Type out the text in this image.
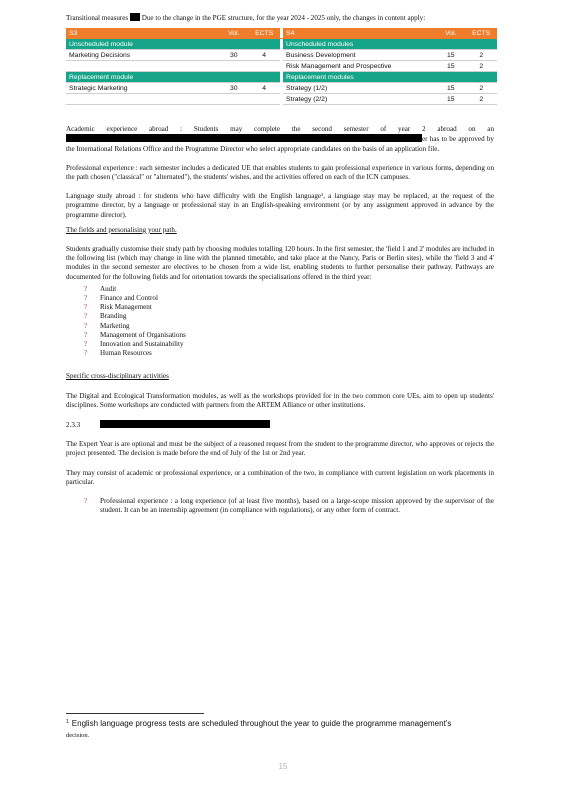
Transitional measures Due to the change in the PGE structure, for the year 2024 - 2025 only, the changes in content apply:

S3	Vol.	ECTS		S4	Vol.	ECTS
Unscheduled module				Unscheduled modules		
Marketing Decisions	30	4		Business Development	15	2
				Risk Management and Prospective	15	2
Replacement module				Replacement modules		
Strategic Marketing	30	4		Strategy (1/2)	15	2
				Strategy (2/2)	15	2

Academic experience abroad : Students may complete the second semester of year 2 abroad on an er has to be approved by the International Relations Office and the Programme Director who select appropriate candidates on the basis of an application file.

Professional experience : each semester includes a dedicated UE that enables students to gain professional experience in various forms, depending on the path chosen ("classical" or "alternated"), the students' wishes, and the activities offered on each of the ICN campuses.

Language study abroad : for students who have difficulty with the English language¹, a language stay may be replaced, at the request of the programme director, by a language or professional stay in an English-speaking environment (or by any assignment approved in advance by the programme director).

The fields and personalising your path.

Students gradually customise their study path by choosing modules totalling 120 hours. In the first semester, the 'field 1 and 2' modules are included in the following list (which may change in line with the planned timetable, and take place at the Nancy, Paris or Berlin sites), while the 'field 3 and 4' modules in the second semester are electives to be chosen from a wide list, enabling students to further personalise their pathway. Pathways are documented for the following fields and for orientation towards the specialisations offered in the third year:

? Audit
? Finance and Control
? Risk Management
? Branding
? Marketing
? Management of Organisations
? Innovation and Sustainability
? Human Resources

Specific cross-disciplinary activities

The Digital and Ecological Transformation modules, as well as the workshops provided for in the two common core UEs, aim to open up students' disciplines. Some workshops are conducted with partners from the ARTEM Alliance or other institutions.

2.3.3

The Expert Year is are optional and must be the subject of a reasoned request from the student to the programme director, who approves or rejects the project presented. The decision is made before the end of July of the 1st or 2nd year.

They may consist of academic or professional experience, or a combination of the two, in compliance with current legislation on work placements in particular.

? Professional experience : a long experience (of at least five months), based on a large-scope mission approved by the supervisor of the student. It can be an internship agreement (in compliance with regulations), or any other form of contract.

$^1$ English language progress tests are scheduled throughout the year to guide the programme management's
decision.
15
